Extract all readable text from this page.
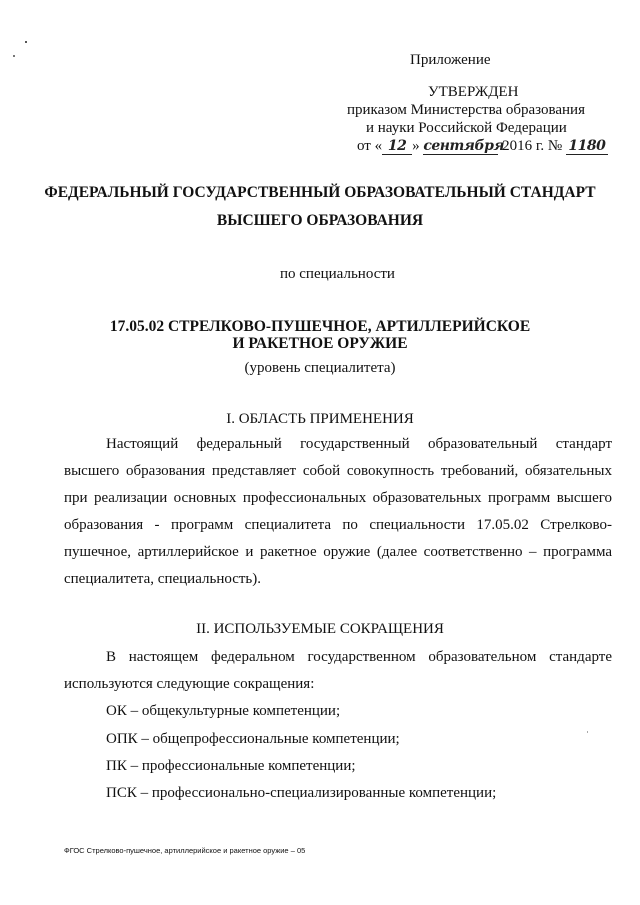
Приложение
УТВЕРЖДЕН
приказом Министерства образования
и науки Российской Федерации
от « 12 » сентября 2016 г. № 1180
ФЕДЕРАЛЬНЫЙ ГОСУДАРСТВЕННЫЙ ОБРАЗОВАТЕЛЬНЫЙ СТАНДАРТ
ВЫСШЕГО ОБРАЗОВАНИЯ
по специальности
17.05.02 СТРЕЛКОВО-ПУШЕЧНОЕ, АРТИЛЛЕРИЙСКОЕ
И РАКЕТНОЕ ОРУЖИЕ
(уровень специалитета)
I. ОБЛАСТЬ ПРИМЕНЕНИЯ
Настоящий федеральный государственный образовательный стандарт высшего образования представляет собой совокупность требований, обязательных при реализации основных профессиональных образовательных программ высшего образования - программ специалитета по специальности 17.05.02 Стрелково-пушечное, артиллерийское и ракетное оружие (далее соответственно – программа специалитета, специальность).
II. ИСПОЛЬЗУЕМЫЕ СОКРАЩЕНИЯ
В настоящем федеральном государственном образовательном стандарте используются следующие сокращения:
ОК – общекультурные компетенции;
ОПК – общепрофессиональные компетенции;
ПК – профессиональные компетенции;
ПСК – профессионально-специализированные компетенции;
ФГОС Стрелково-пушечное, артиллерийское и ракетное оружие – 05
